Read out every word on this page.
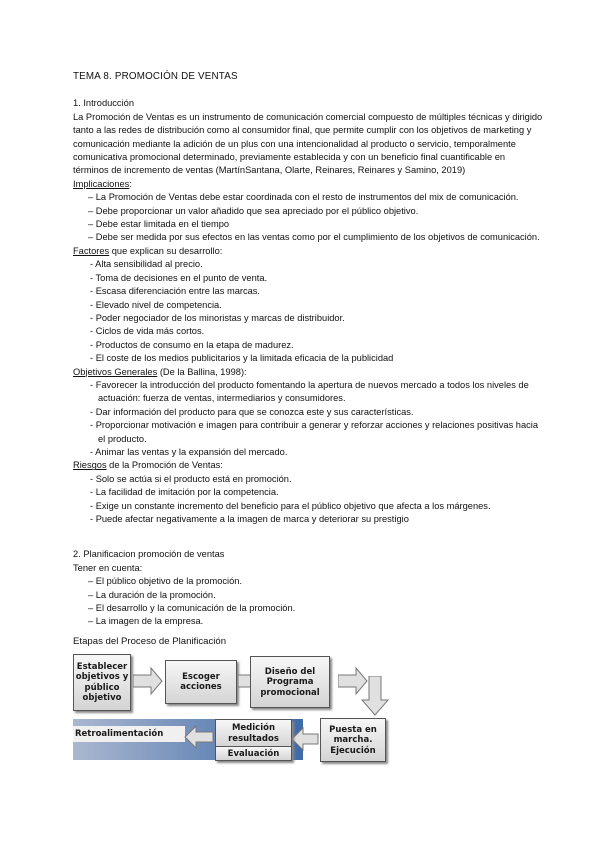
TEMA 8. PROMOCIÓN DE VENTAS

1. Introducción

La Promoción de Ventas es un instrumento de comunicación comercial compuesto de múltiples técnicas y dirigido tanto a las redes de distribución como al consumidor final, que permite cumplir con los objetivos de marketing y comunicación mediante la adición de un plus con una intencionalidad al producto o servicio, temporalmente comunicativa promocional determinado, previamente establecida y con un beneficio final cuantificable en términos de incremento de ventas (MartínSantana, Olarte, Reinares, Reinares y Samino, 2019)

Implicaciones:

– La Promoción de Ventas debe estar coordinada con el resto de instrumentos del mix de comunicación.
– Debe proporcionar un valor añadido que sea apreciado por el público objetivo.
– Debe estar limitada en el tiempo
– Debe ser medida por sus efectos en las ventas como por el cumplimiento de los objetivos de comunicación.

Factores que explican su desarrollo:

- Alta sensibilidad al precio.
- Toma de decisiones en el punto de venta.
- Escasa diferenciación entre las marcas.
- Elevado nivel de competencia.
- Poder negociador de los minoristas y marcas de distribuidor.
- Ciclos de vida más cortos.
- Productos de consumo en la etapa de madurez.
- El coste de los medios publicitarios y la limitada eficacia de la publicidad

Objetivos Generales (De la Ballina, 1998):

- Favorecer la introducción del producto fomentando la apertura de nuevos mercado a todos los niveles de actuación: fuerza de ventas, intermediarios y consumidores.
- Dar información del producto para que se conozca este y sus características.
- Proporcionar motivación e imagen para contribuir a generar y reforzar acciones y relaciones positivas hacia el producto.
- Animar las ventas y la expansión del mercado.

Riesgos de la Promoción de Ventas:

- Solo se actúa si el producto está en promoción.
- La facilidad de imitación por la competencia.
- Exige un constante incremento del beneficio para el público objetivo que afecta a los márgenes.
- Puede afectar negativamente a la imagen de marca y deteriorar su prestigio

2. Planificacion promoción de ventas

Tener en cuenta:

– El público objetivo de la promoción.
– La duración de la promoción.
– El desarrollo y la comunicación de la promoción.
– La imagen de la empresa.

Etapas del Proceso de Planificación

Retroalimentación
Establecer objetivos y público objetivo
Escoger acciones
Diseño del Programa promocional
Puesta en marcha. Ejecución
Medición resultados
Evaluación
